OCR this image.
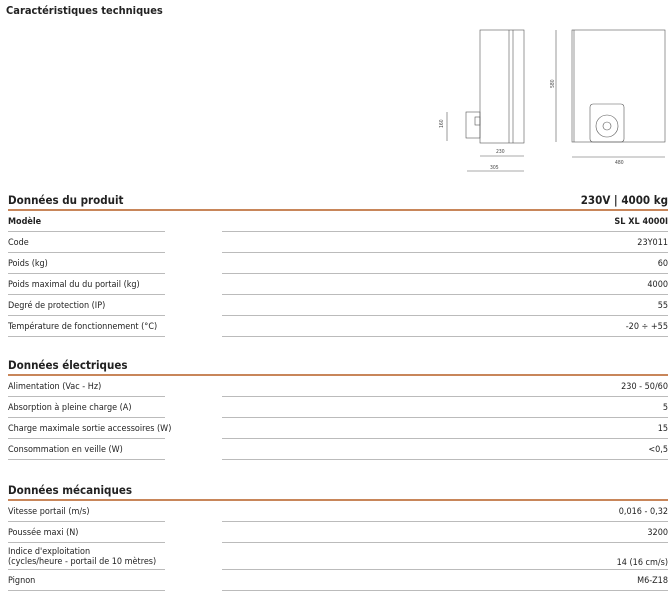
Caractéristiques techniques
160
230
305
580
480
Données du produit	230V | 4000 kg
Modèle	SL XL 4000I
Code	23Y011
Poids (kg)	60
Poids maximal du du portail (kg)	4000
Degré de protection (IP)	55
Température de fonctionnement (°C)	-20 ÷ +55
Données électriques
Alimentation (Vac - Hz)	230 - 50/60
Absorption à pleine charge (A)	5
Charge maximale sortie accessoires (W)	15
Consommation en veille (W)	<0,5
Données mécaniques
Vitesse portail (m/s)	0,016 - 0,32
Poussée maxi (N)	3200
Indice d'exploitation
(cycles/heure - portail de 10 mètres)	14 (16 cm/s)
Pignon	M6-Z18
